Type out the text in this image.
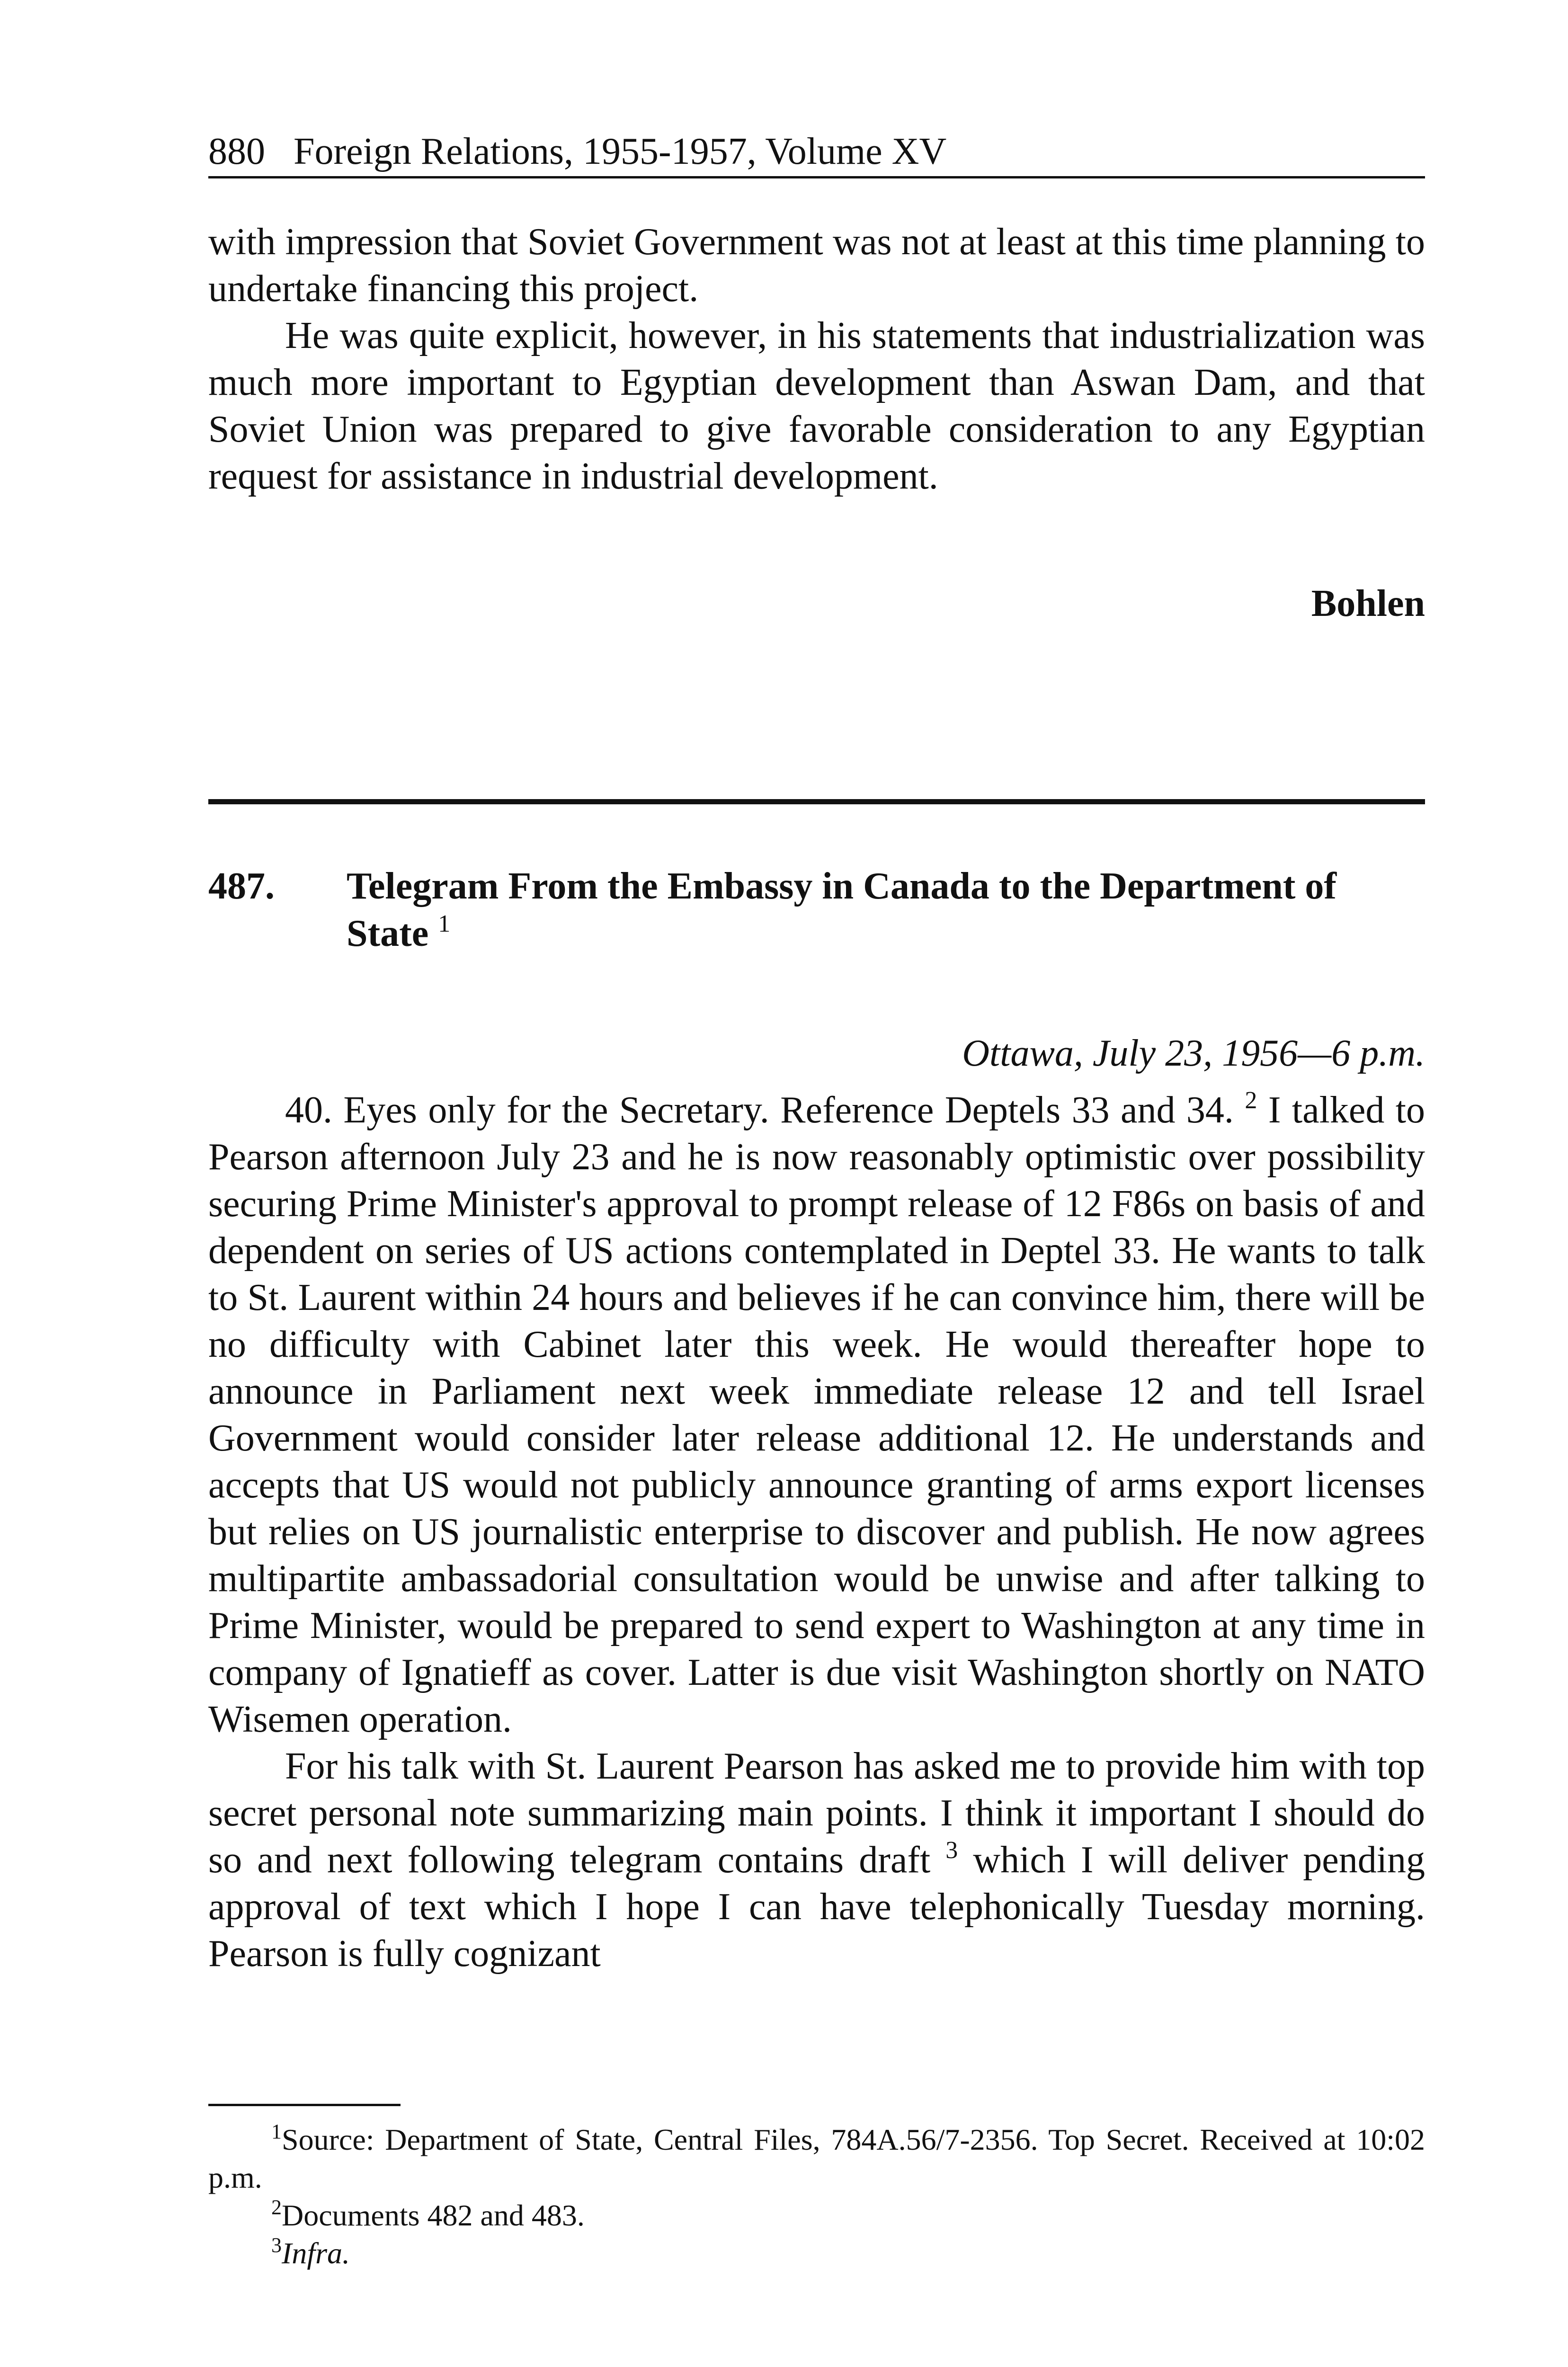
880 Foreign Relations, 1955-1957, Volume XV

with impression that Soviet Government was not at least at this time planning to undertake financing this project.

He was quite explicit, however, in his statements that industrialization was much more important to Egyptian development than Aswan Dam, and that Soviet Union was prepared to give favorable consideration to any Egyptian request for assistance in industrial development.

Bohlen
487. Telegram From the Embassy in Canada to the Department of State $^1$
Ottawa, July 23, 1956—6 p.m.

40. Eyes only for the Secretary. Reference Deptels 33 and 34. $^2$ I talked to Pearson afternoon July 23 and he is now reasonably optimistic over possibility securing Prime Minister's approval to prompt release of 12 F86s on basis of and dependent on series of US actions contemplated in Deptel 33. He wants to talk to St. Laurent within 24 hours and believes if he can convince him, there will be no difficulty with Cabinet later this week. He would thereafter hope to announce in Parliament next week immediate release 12 and tell Israel Government would consider later release additional 12. He understands and accepts that US would not publicly announce granting of arms export licenses but relies on US journalistic enterprise to discover and publish. He now agrees multipartite ambassadorial consultation would be unwise and after talking to Prime Minister, would be prepared to send expert to Washington at any time in company of Ignatieff as cover. Latter is due visit Washington shortly on NATO Wisemen operation.

For his talk with St. Laurent Pearson has asked me to provide him with top secret personal note summarizing main points. I think it important I should do so and next following telegram contains draft $^3$ which I will deliver pending approval of text which I hope I can have telephonically Tuesday morning. Pearson is fully cognizant

$^1$Source: Department of State, Central Files, 784A.56/7-2356. Top Secret. Received at 10:02 p.m.

$^2$Documents 482 and 483.

$^3$Infra.
